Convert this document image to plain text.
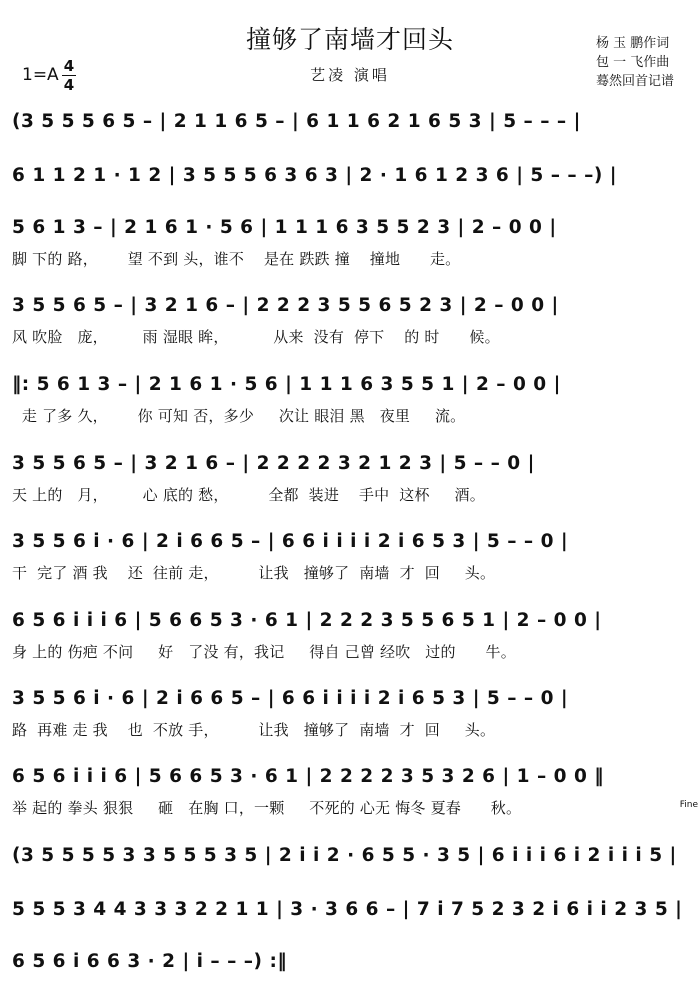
撞够了南墙才回头
艺凌 演唱
1=A 4
4
杨 玉 鹏作词
包 一 飞作曲
蓦然回首记谱
(3 5 5 5 6 5 – | 2 1 1 6 5 – | 6 1 1 6 2 1 6 5 3 | 5 – – – |
6 1 1 2 1 · 1 2 | 3 5 5 5 6 3 6 3 | 2 · 1 6 1 2 3 6 | 5 – – –) |
5 6 1 3 – | 2 1 6 1 · 5 6 | 1 1 1 6 3 5 5 2 3 | 2 – 0 0 |
脚 下的 路，      望 不到 头，谁不    是在 跌跌 撞    撞地      走。
3 5 5 6 5 – | 3 2 1 6 – | 2 2 2 3 5 5 6 5 2 3 | 2 – 0 0 |
风 吹脸   庞，       雨 湿眼 眸，         从来  没有  停下    的 时      候。
‖: 5 6 1 3 – | 2 1 6 1 · 5 6 | 1 1 1 6 3 5 5 1 | 2 – 0 0 |
走 了多 久，      你 可知 否，多少     次让 眼泪 黑   夜里     流。
3 5 5 6 5 – | 3 2 1 6 – | 2 2 2 2 3 2 1 2 3 | 5 – – 0 |
天 上的   月，       心 底的 愁，        全都  装进    手中  这杯     酒。
3 5 5 6 i · 6 | 2 i 6 6 5 – | 6 6 i i i i 2 i 6 5 3 | 5 – – 0 |
干  完了 酒 我    还  往前 走，        让我   撞够了  南墙  才  回     头。
6 5 6 i i i 6 | 5 6 6 5 3 · 6 1 | 2 2 2 3 5 5 6 5 1 | 2 – 0 0 |
身 上的 伤疤 不问     好   了没 有，我记     得自 己曾 经吹   过的      牛。
3 5 5 6 i · 6 | 2 i 6 6 5 – | 6 6 i i i i 2 i 6 5 3 | 5 – – 0 |
路  再难 走 我    也  不放 手，        让我   撞够了  南墙  才  回     头。
6 5 6 i i i 6 | 5 6 6 5 3 · 6 1 | 2 2 2 2 3 5 3 2 6 | 1 – 0 0 ‖
举 起的 拳头 狠狠     砸   在胸 口，一颗     不死的 心无 悔冬 夏春      秋。	Fine
(3 5 5 5 5 3 3 5 5 5 3 5 | 2 i i 2 · 6 5 5 · 3 5 | 6 i i i 6 i 2 i i i 5 |
5 5 5 3 4 4 3 3 3 2 2 1 1 | 3 · 3 6 6 – | 7 i 7 5 2 3 2 i 6 i i 2 3 5 |
6 5 6 i 6 6 3 · 2 | i – – –) :‖
